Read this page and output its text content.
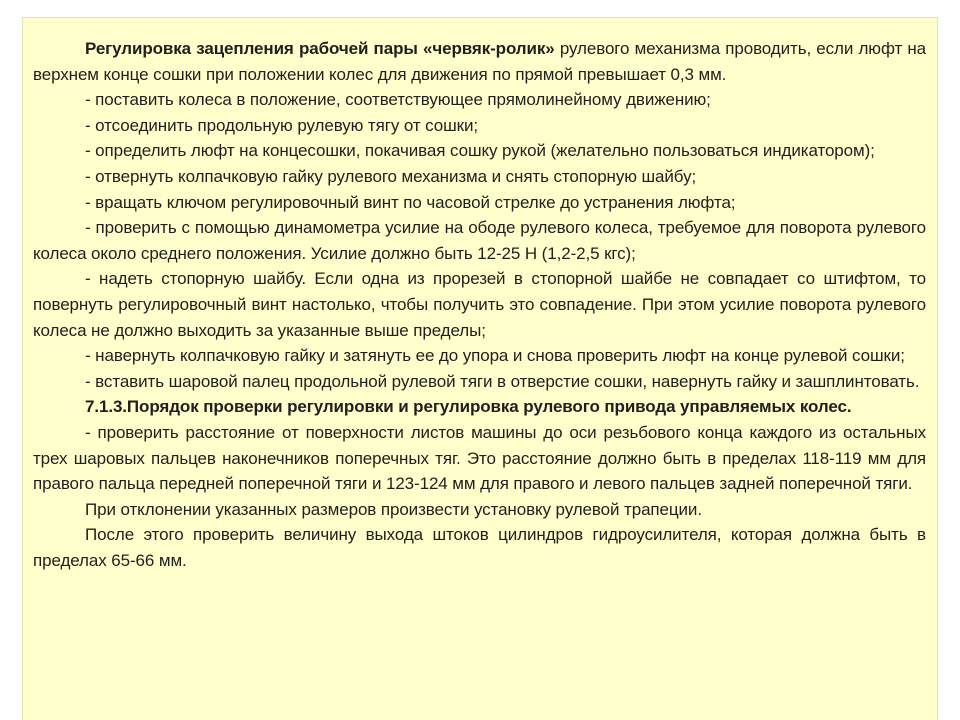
Регулировка зацепления рабочей пары «червяк-ролик» рулевого механизма проводить, если люфт на верхнем конце сошки при положении колес для движения по прямой превышает 0,3 мм.

- поставить колеса в положение, соответствующее прямолинейному движению;

- отсоединить продольную рулевую тягу от сошки;

- определить люфт на концесошки, покачивая сошку рукой (желательно пользоваться индикатором);

- отвернуть колпачковую гайку рулевого механизма и снять стопорную шайбу;

- вращать ключом регулировочный винт по часовой стрелке до устранения люфта;

- проверить с помощью динамометра усилие на ободе рулевого колеса, требуемое для поворота рулевого колеса около среднего положения. Усилие должно быть 12-25 Н (1,2-2,5 кгс);

- надеть стопорную шайбу. Если одна из прорезей в стопорной шайбе не совпадает со штифтом, то повернуть регулировочный винт настолько, чтобы получить это совпадение. При этом усилие поворота рулевого колеса не должно выходить за указанные выше пределы;

- навернуть колпачковую гайку и затянуть ее до упора и снова проверить люфт на конце рулевой сошки;

- вставить шаровой палец продольной рулевой тяги в отверстие сошки, навернуть гайку и зашплинтовать.

7.1.3.Порядок проверки регулировки и регулировка рулевого привода управляемых колес.

- проверить расстояние от поверхности листов машины до оси резьбового конца каждого из остальных трех шаровых пальцев наконечников поперечных тяг. Это расстояние должно быть в пределах 118-119 мм для правого пальца передней поперечной тяги и 123-124 мм для правого и левого пальцев задней поперечной тяги.

При отклонении указанных размеров произвести установку рулевой трапеции.

После этого проверить величину выхода штоков цилиндров гидроусилителя, которая должна быть в пределах 65-66 мм.
